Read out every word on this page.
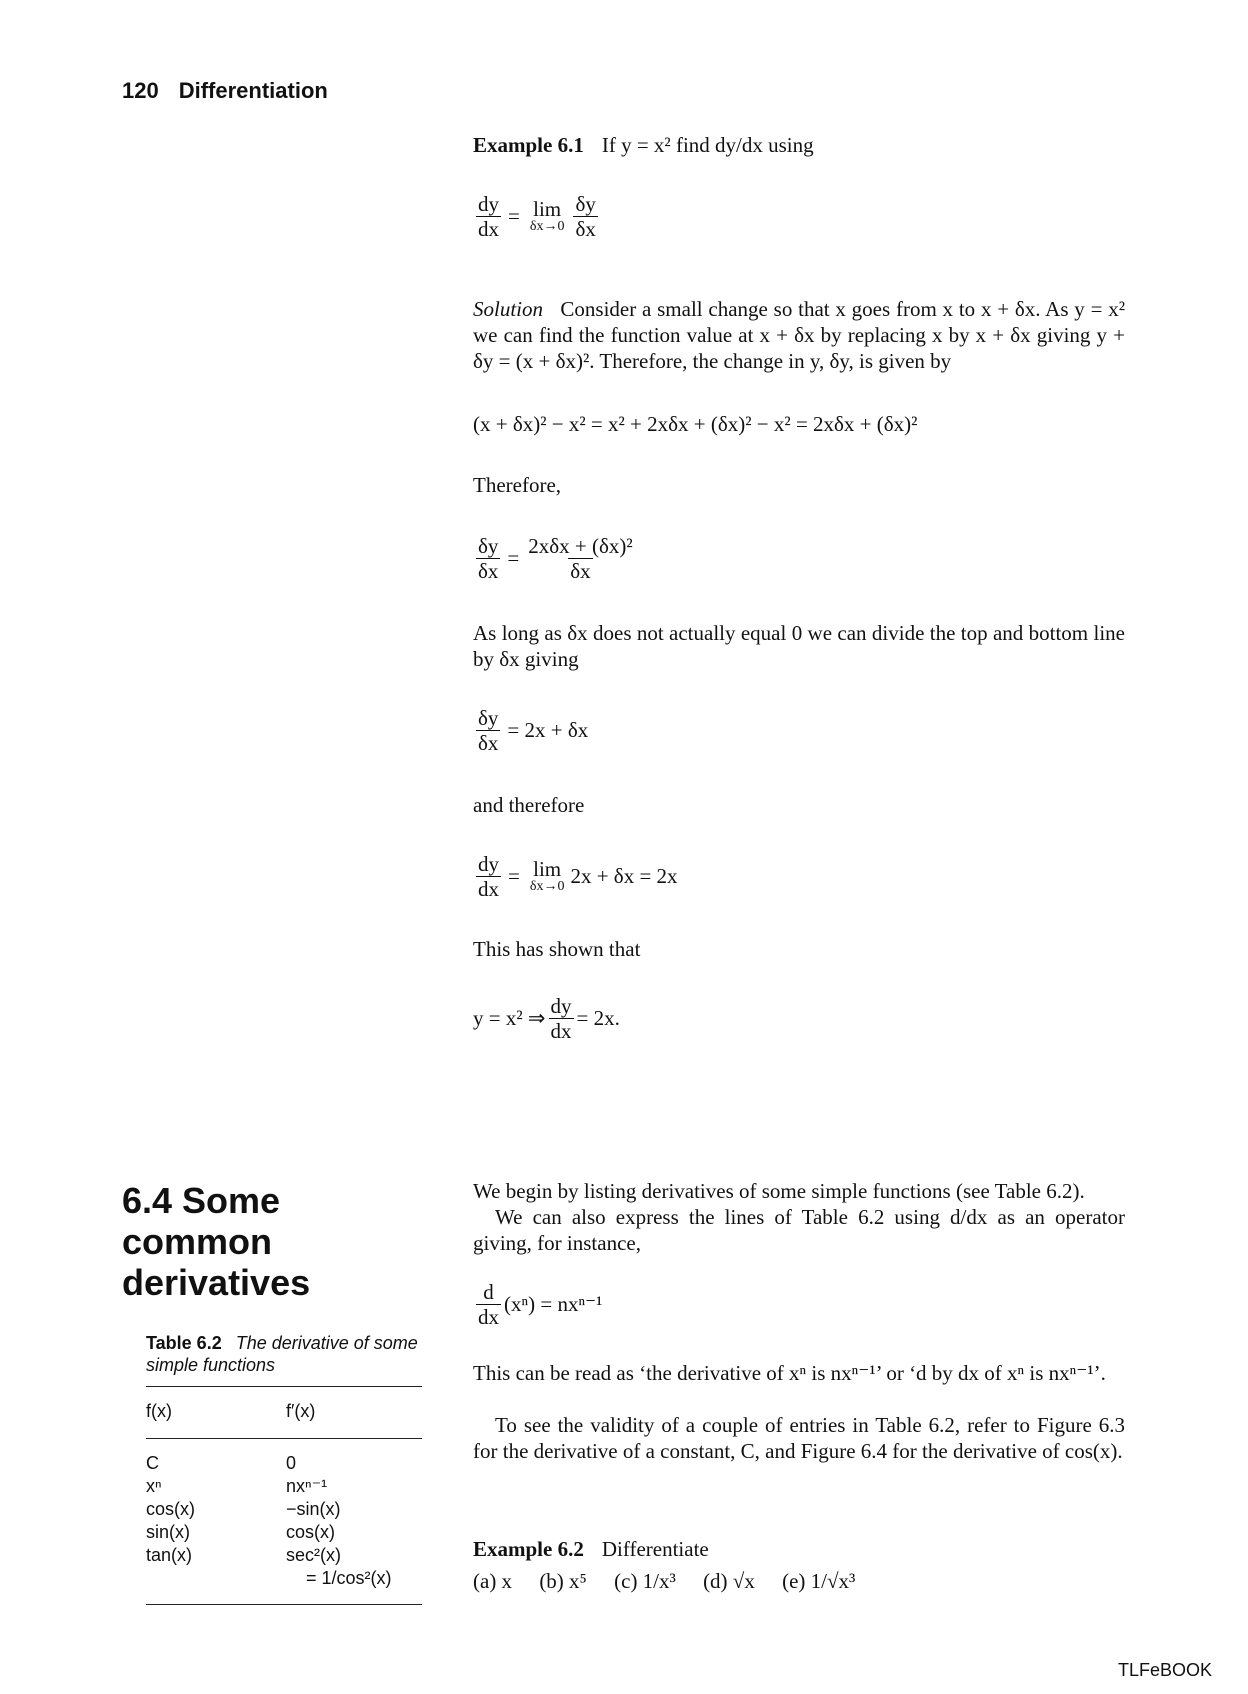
120 Differentiation
Example 6.1 If y = x² find dy/dx using
$\frac{dy}{dx} = \lim$
$\delta x\to 0 \frac{\delta y}{\delta x}$
Solution Consider a small change so that x goes from x to x + δx. As y = x² we can find the function value at x + δx by replacing x by x + δx giving y + δy = (x + δx)². Therefore, the change in y, δy, is given by
(x + δx)² − x² = x² + 2xδx + (δx)² − x² = 2xδx + (δx)²
Therefore,
$\frac{\delta y}{\delta x} = \frac{\text{2xδx + (δx)²}}{\delta x}$
As long as δx does not actually equal 0 we can divide the top and bottom line by δx giving
$\frac{\delta y}{\delta x} = 2x + \delta x$
and therefore
$\frac{dy}{dx} = \lim$
δx→0 2x + δx = 2x
This has shown that
y = x² ⇒ $\frac{dy}{dx} = 2x$.
6.4 Some
common
derivatives
Table 6.2 The derivative of some simple functions
f(x)	f′(x)
C	0
xⁿ	nxⁿ⁻¹
cos(x)	−sin(x)
sin(x)	cos(x)
tan(x)	sec²(x)
= 1/cos²(x)
We begin by listing derivatives of some simple functions (see Table 6.2).
We can also express the lines of Table 6.2 using d/dx as an operator giving, for instance,
$\frac{d}{dx} (x^n) = nx^{n-1}$
This can be read as ‘the derivative of xⁿ is nxⁿ⁻¹’ or ‘d by dx of xⁿ is nxⁿ⁻¹’.
To see the validity of a couple of entries in Table 6.2, refer to Figure 6.3 for the derivative of a constant, C, and Figure 6.4 for the derivative of cos(x).
Example 6.2 Differentiate
(a) x (b) x⁵ (c) 1/x³ (d) √x (e) 1/√x³
TLFeBOOK
